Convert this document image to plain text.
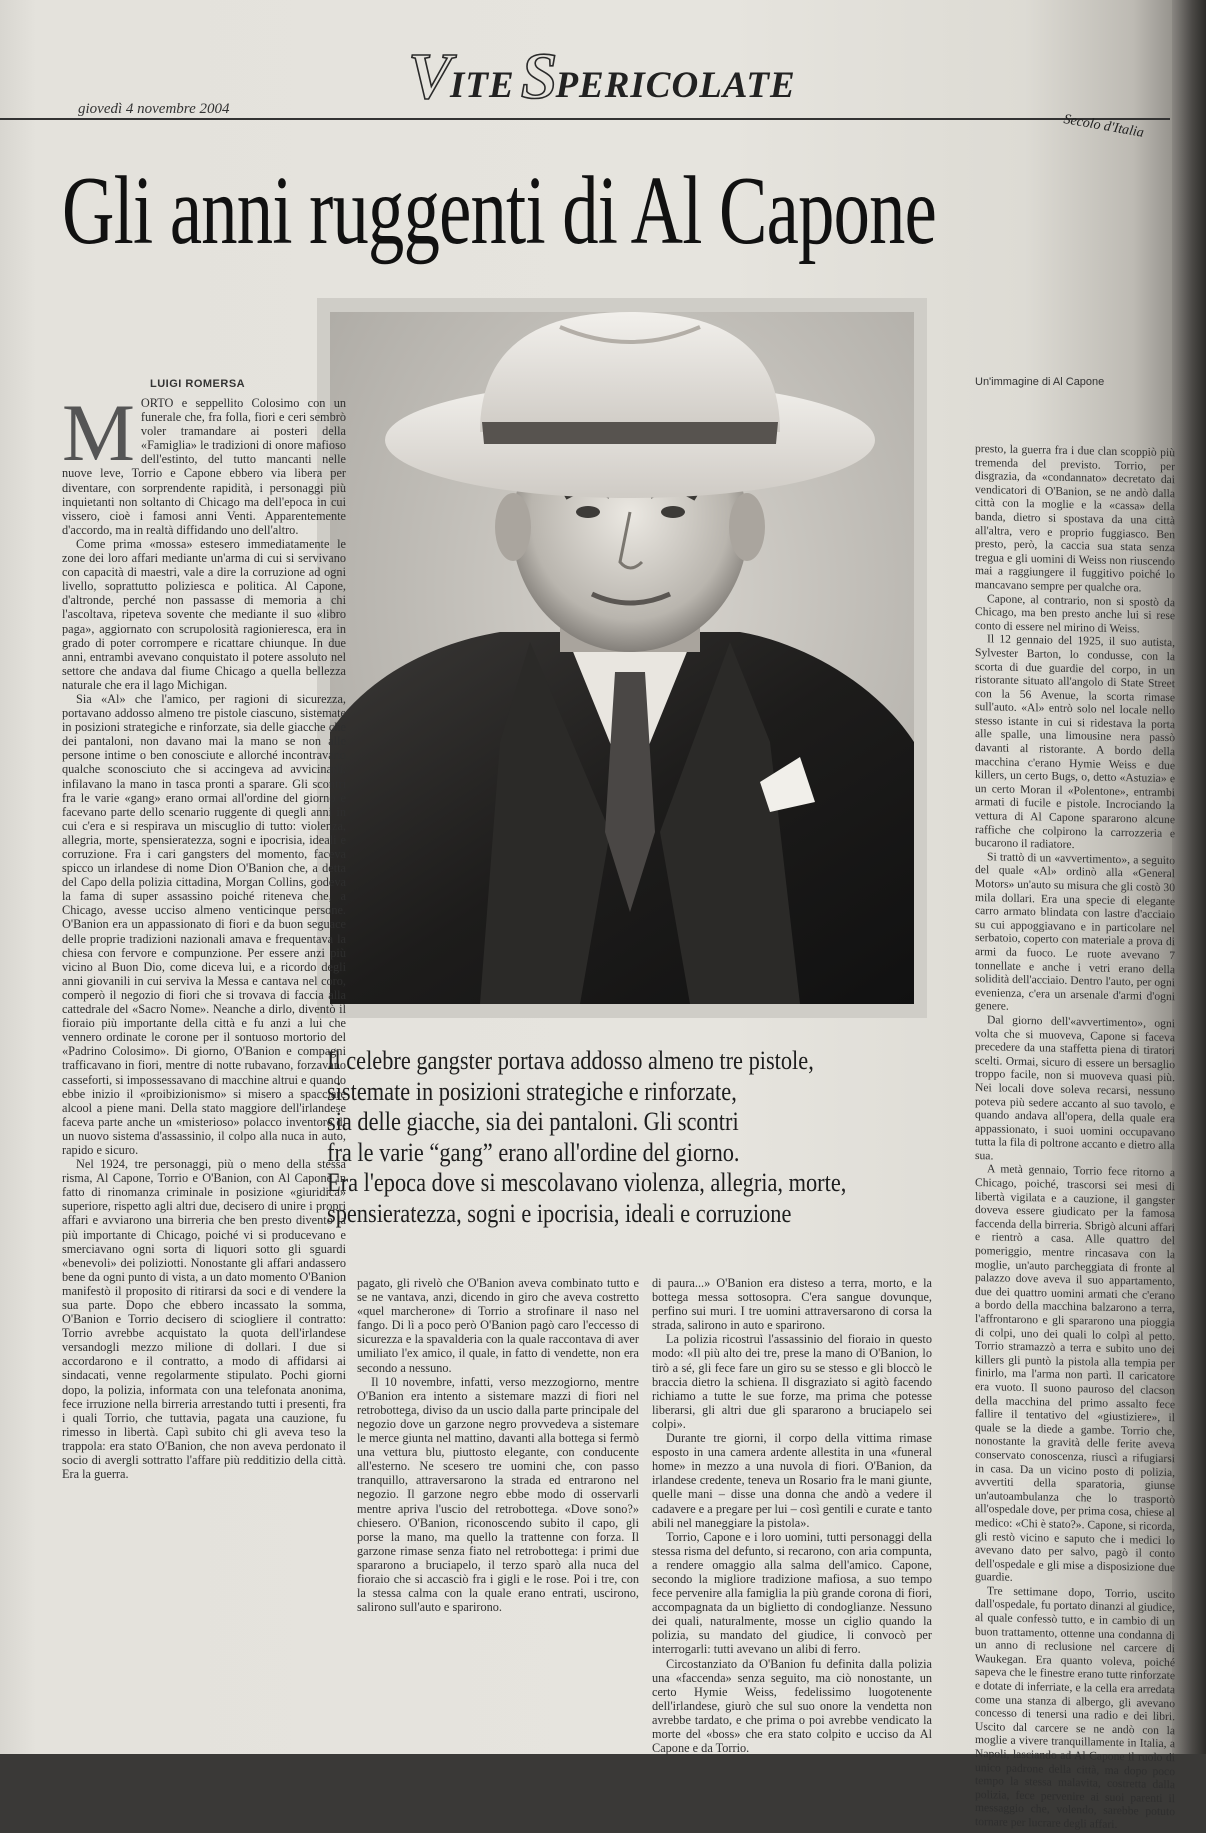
giovedì 4 novembre 2004	V ITE S PERICOLATE
Secolo d'Italia
Gli anni ruggenti di Al Capone
LUIGI ROMERSA	Un'immagine di Al Capone
M ORTO e seppellito Colosimo con un funerale che, fra folla, fiori e ceri sembrò voler tramandare ai posteri della «Famiglia» le tradizioni di onore mafioso dell'estinto, del tutto mancanti nelle nuove leve, Torrio e Capone ebbero via libera per diventare, con sorprendente rapidità, i personaggi più inquietanti non soltanto di Chicago ma dell'epoca in cui vissero, cioè i famosi anni Venti. Apparentemente d'accordo, ma in realtà diffidando uno dell'altro.

Come prima «mossa» estesero immediatamente le zone dei loro affari mediante un'arma di cui si servivano con capacità di maestri, vale a dire la corruzione ad ogni livello, soprattutto poliziesca e politica. Al Capone, d'altronde, perché non passasse di memoria a chi l'ascoltava, ripeteva sovente che mediante il suo «libro paga», aggiornato con scrupolosità ragionieresca, era in grado di poter corrompere e ricattare chiunque. In due anni, entrambi avevano conquistato il potere assoluto nel settore che andava dal fiume Chicago a quella bellezza naturale che era il lago Michigan.

Sia «Al» che l'amico, per ragioni di sicurezza, portavano addosso almeno tre pistole ciascuno, sistemate in posizioni strategiche e rinforzate, sia delle giacche che dei pantaloni, non davano mai la mano se non alle persone intime o ben conosciute e allorché incontravano qualche sconosciuto che si accingeva ad avvicinarli, infilavano la mano in tasca pronti a sparare. Gli scontri fra le varie «gang» erano ormai all'ordine del giorno e facevano parte dello scenario ruggente di quegli anni in cui c'era e si respirava un miscuglio di tutto: violenza, allegria, morte, spensieratezza, sogni e ipocrisia, ideali e corruzione. Fra i cari gangsters del momento, faceva spicco un irlandese di nome Dion O'Banion che, a detta del Capo della polizia cittadina, Morgan Collins, godeva la fama di super assassino poiché riteneva che, a Chicago, avesse ucciso almeno venticinque persone. O'Banion era un appassionato di fiori e da buon seguace delle proprie tradizioni nazionali amava e frequentava la chiesa con fervore e compunzione. Per essere anzi più vicino al Buon Dio, come diceva lui, e a ricordo degli anni giovanili in cui serviva la Messa e cantava nel coro, comperò il negozio di fiori che si trovava di faccia alla cattedrale del «Sacro Nome». Neanche a dirlo, diventò il fioraio più importante della città e fu anzi a lui che vennero ordinate le corone per il sontuoso mortorio del «Padrino Colosimo». Di giorno, O'Banion e compagni trafficavano in fiori, mentre di notte rubavano, forzavano casseforti, si impossessavano di macchine altrui e quando ebbe inizio il «proibizionismo» si misero a spacciare alcool a piene mani. Della stato maggiore dell'irlandese faceva parte anche un «misterioso» polacco inventore di un nuovo sistema d'assassinio, il colpo alla nuca in auto, rapido e sicuro.

Nel 1924, tre personaggi, più o meno della stessa risma, Al Capone, Torrio e O'Banion, con Al Capone in fatto di rinomanza criminale in posizione «giuridica» superiore, rispetto agli altri due, decisero di unire i propri affari e avviarono una birreria che ben presto diventò la più importante di Chicago, poiché vi si producevano e smerciavano ogni sorta di liquori sotto gli sguardi «benevoli» dei poliziotti. Nonostante gli affari andassero bene da ogni punto di vista, a un dato momento O'Banion manifestò il proposito di ritirarsi da soci e di vendere la sua parte. Dopo che ebbero incassato la somma, O'Banion e Torrio decisero di sciogliere il contratto: Torrio avrebbe acquistato la quota dell'irlandese versandogli mezzo milione di dollari. I due si accordarono e il contratto, a modo di affidarsi ai sindacati, venne regolarmente stipulato. Pochi giorni dopo, la polizia, informata con una telefonata anonima, fece irruzione nella birreria arrestando tutti i presenti, fra i quali Torrio, che tuttavia, pagata una cauzione, fu rimesso in libertà. Capì subito chi gli aveva teso la trappola: era stato O'Banion, che non aveva perdonato il socio di avergli sottratto l'affare più redditizio della città. Era la guerra.

Il celebre gangster portava addosso almeno tre pistole,
sistemate in posizioni strategiche e rinforzate,
sia delle giacche, sia dei pantaloni. Gli scontri
fra le varie “gang” erano all'ordine del giorno.
Era l'epoca dove si mescolavano violenza, allegria, morte,
spensieratezza, sogni e ipocrisia, ideali e corruzione

pagato, gli rivelò che O'Banion aveva combinato tutto e se ne vantava, anzi, dicendo in giro che aveva costretto «quel marcherone» di Torrio a strofinare il naso nel fango. Di lì a poco però O'Banion pagò caro l'eccesso di sicurezza e la spavalderia con la quale raccontava di aver umiliato l'ex amico, il quale, in fatto di vendette, non era secondo a nessuno.

Il 10 novembre, infatti, verso mezzogiorno, mentre O'Banion era intento a sistemare mazzi di fiori nel retrobottega, diviso da un uscio dalla parte principale del negozio dove un garzone negro provvedeva a sistemare le merce giunta nel mattino, davanti alla bottega si fermò una vettura blu, piuttosto elegante, con conducente all'esterno. Ne scesero tre uomini che, con passo tranquillo, attraversarono la strada ed entrarono nel negozio. Il garzone negro ebbe modo di osservarli mentre apriva l'uscio del retrobottega. «Dove sono?» chiesero. O'Banion, riconoscendo subito il capo, gli porse la mano, ma quello la trattenne con forza. Il garzone rimase senza fiato nel retrobottega: i primi due spararono a bruciapelo, il terzo sparò alla nuca del fioraio che si accasciò fra i gigli e le rose. Poi i tre, con la stessa calma con la quale erano entrati, uscirono, salirono sull'auto e sparirono.

di paura...» O'Banion era disteso a terra, morto, e la bottega messa sottosopra. C'era sangue dovunque, perfino sui muri. I tre uomini attraversarono di corsa la strada, salirono in auto e sparirono.

La polizia ricostruì l'assassinio del fioraio in questo modo: «Il più alto dei tre, prese la mano di O'Banion, lo tirò a sé, gli fece fare un giro su se stesso e gli bloccò le braccia dietro la schiena. Il disgraziato si agitò facendo richiamo a tutte le sue forze, ma prima che potesse liberarsi, gli altri due gli spararono a bruciapelo sei colpi».

Durante tre giorni, il corpo della vittima rimase esposto in una camera ardente allestita in una «funeral home» in mezzo a una nuvola di fiori. O'Banion, da irlandese credente, teneva un Rosario fra le mani giunte, quelle mani – disse una donna che andò a vedere il cadavere e a pregare per lui – così gentili e curate e tanto abili nel maneggiare la pistola».

Torrio, Capone e i loro uomini, tutti personaggi della stessa risma del defunto, si recarono, con aria compunta, a rendere omaggio alla salma dell'amico. Capone, secondo la migliore tradizione mafiosa, a suo tempo fece pervenire alla famiglia la più grande corona di fiori, accompagnata da un biglietto di condoglianze. Nessuno dei quali, naturalmente, mosse un ciglio quando la polizia, su mandato del giudice, li convocò per interrogarli: tutti avevano un alibi di ferro.

Circostanziato da O'Banion fu definita dalla polizia una «faccenda» senza seguito, ma ciò nonostante, un certo Hymie Weiss, fedelissimo luogotenente dell'irlandese, giurò che sul suo onore la vendetta non avrebbe tardato, e che prima o poi avrebbe vendicato la morte del «boss» che era stato colpito e ucciso da Al Capone e da Torrio.

presto, la guerra fra i due clan scoppiò più tremenda del previsto. Torrio, per disgrazia, da «condannato» decretato dai vendicatori di O'Banion, se ne andò dalla città con la moglie e la «cassa» della banda, dietro si spostava da una città all'altra, vero e proprio fuggiasco. Ben presto, però, la caccia sua stata senza tregua e gli uomini di Weiss non riuscendo mai a raggiungere il fuggitivo poiché lo mancavano sempre per qualche ora.

Capone, al contrario, non si spostò da Chicago, ma ben presto anche lui si rese conto di essere nel mirino di Weiss.

Il 12 gennaio del 1925, il suo autista, Sylvester Barton, lo condusse, con la scorta di due guardie del corpo, in un ristorante situato all'angolo di State Street con la 56 Avenue, la scorta rimase sull'auto. «Al» entrò solo nel locale nello stesso istante in cui si ridestava la porta alle spalle, una limousine nera passò davanti al ristorante. A bordo della macchina c'erano Hymie Weiss e due killers, un certo Bugs, o, detto «Astuzia» e un certo Moran il «Polentone», entrambi armati di fucile e pistole. Incrociando la vettura di Al Capone spararono alcune raffiche che colpirono la carrozzeria e bucarono il radiatore.

Si trattò di un «avvertimento», a seguito del quale «Al» ordinò alla «General Motors» un'auto su misura che gli costò 30 mila dollari. Era una specie di elegante carro armato blindata con lastre d'acciaio su cui appoggiavano e in particolare nel serbatoio, coperto con materiale a prova di armi da fuoco. Le ruote avevano 7 tonnellate e anche i vetri erano della solidità dell'acciaio. Dentro l'auto, per ogni evenienza, c'era un arsenale d'armi d'ogni genere.

Dal giorno dell'«avvertimento», ogni volta che si muoveva, Capone si faceva precedere da una staffetta piena di tiratori scelti. Ormai, sicuro di essere un bersaglio troppo facile, non si muoveva quasi più. Nei locali dove soleva recarsi, nessuno poteva più sedere accanto al suo tavolo, e quando andava all'opera, della quale era appassionato, i suoi uomini occupavano tutta la fila di poltrone accanto e dietro alla sua.

A metà gennaio, Torrio fece ritorno a Chicago, poiché, trascorsi sei mesi di libertà vigilata e a cauzione, il gangster doveva essere giudicato per la famosa faccenda della birreria. Sbrigò alcuni affari e rientrò a casa. Alle quattro del pomeriggio, mentre rincasava con la moglie, un'auto parcheggiata di fronte al palazzo dove aveva il suo appartamento, due dei quattro uomini armati che c'erano a bordo della macchina balzarono a terra, l'affrontarono e gli spararono una pioggia di colpi, uno dei quali lo colpì al petto. Torrio stramazzò a terra e subito uno dei killers gli puntò la pistola alla tempia per finirlo, ma l'arma non partì. Il caricatore era vuoto. Il suono pauroso del clacson della macchina del primo assalto fece fallire il tentativo del «giustiziere», il quale se la diede a gambe. Torrio che, nonostante la gravità delle ferite aveva conservato conoscenza, riuscì a rifugiarsi in casa. Da un vicino posto di polizia, avvertiti della sparatoria, giunse un'autoambulanza che lo trasportò all'ospedale dove, per prima cosa, chiese al medico: «Chi è stato?». Capone, si ricorda, gli restò vicino e saputo che i medici lo avevano dato per salvo, pagò il conto dell'ospedale e gli mise a disposizione due guardie.

Tre settimane dopo, Torrio, uscito dall'ospedale, fu portato dinanzi al giudice, al quale confessò tutto, e in cambio di un buon trattamento, ottenne una condanna di un anno di reclusione nel carcere di Waukegan. Era quanto voleva, poiché sapeva che le finestre erano tutte rinforzate e dotate di inferriate, e la cella era arredata come una stanza di albergo, gli avevano concesso di tenersi una radio e dei libri. Uscito dal carcere se ne andò con la moglie a vivere tranquillamente in Italia, a Napoli, lasciando ad Al Capone il ruolo di unico padrone della città, ma dopo poco tempo la stessa malavita, costretta dalla polizia, fece pervenire ai suoi parenti il messaggio che, volendo, sarebbe potuto tornare per lucrare degli affari.
